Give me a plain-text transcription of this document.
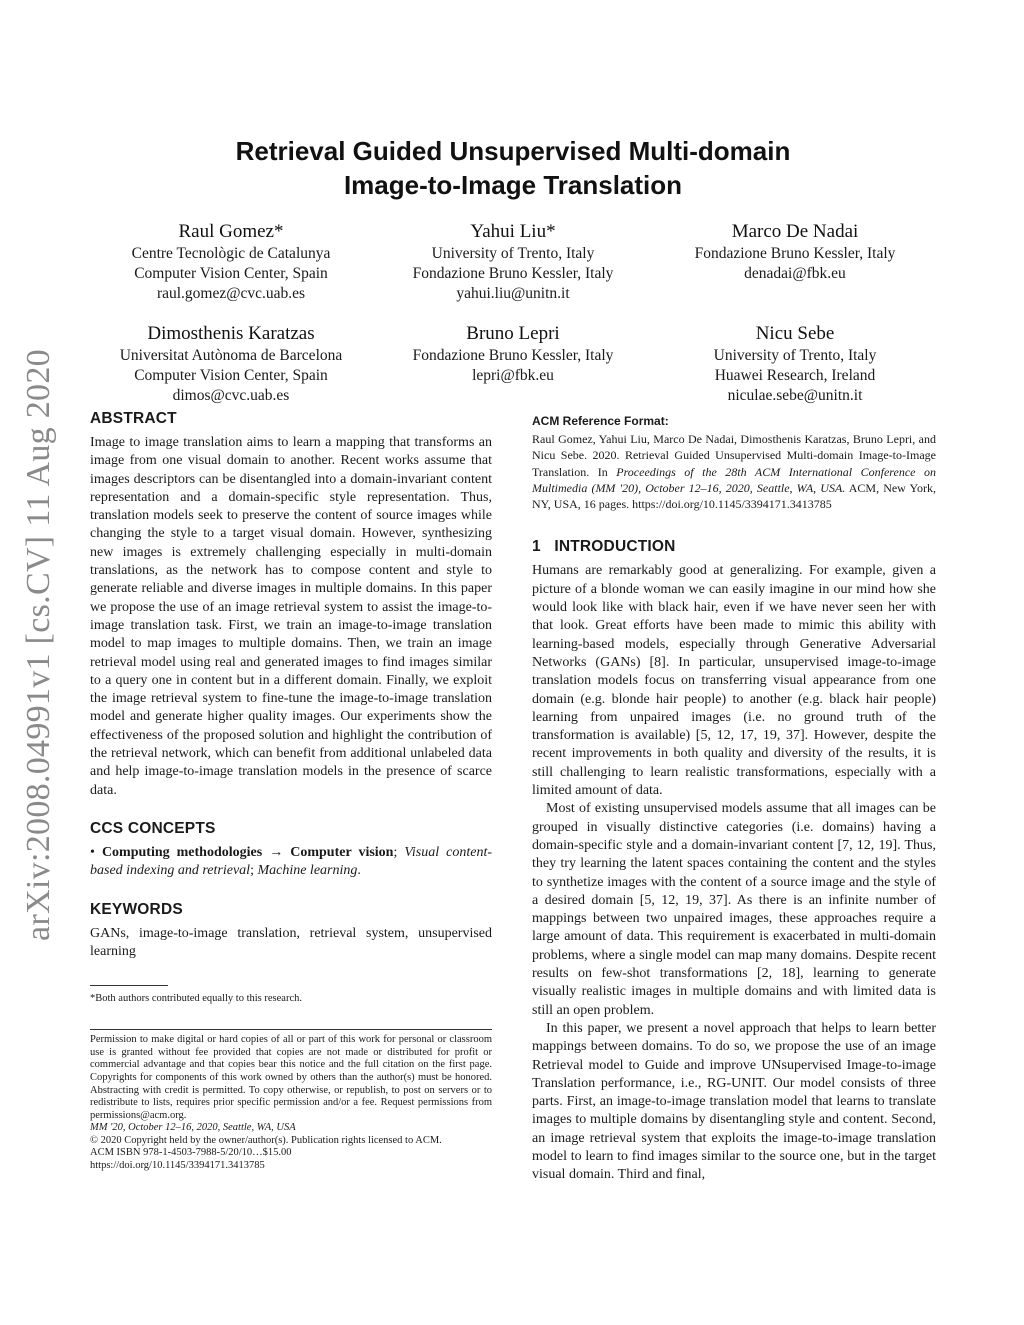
arXiv:2008.04991v1 [cs.CV] 11 Aug 2020
Retrieval Guided Unsupervised Multi-domain
Image-to-Image Translation
Raul Gomez*
Centre Tecnològic de Catalunya
Computer Vision Center, Spain
raul.gomez@cvc.uab.es
Yahui Liu*
University of Trento, Italy
Fondazione Bruno Kessler, Italy
yahui.liu@unitn.it
Marco De Nadai
Fondazione Bruno Kessler, Italy
denadai@fbk.eu
Dimosthenis Karatzas
Universitat Autònoma de Barcelona
Computer Vision Center, Spain
dimos@cvc.uab.es
Bruno Lepri
Fondazione Bruno Kessler, Italy
lepri@fbk.eu
Nicu Sebe
University of Trento, Italy
Huawei Research, Ireland
niculae.sebe@unitn.it
ABSTRACT

Image to image translation aims to learn a mapping that transforms an image from one visual domain to another. Recent works assume that images descriptors can be disentangled into a domain-invariant content representation and a domain-specific style representation. Thus, translation models seek to preserve the content of source images while changing the style to a target visual domain. However, synthesizing new images is extremely challenging especially in multi-domain translations, as the network has to compose content and style to generate reliable and diverse images in multiple domains. In this paper we propose the use of an image retrieval system to assist the image-to-image translation task. First, we train an image-to-image translation model to map images to multiple domains. Then, we train an image retrieval model using real and generated images to find images similar to a query one in content but in a different domain. Finally, we exploit the image retrieval system to fine-tune the image-to-image translation model and generate higher quality images. Our experiments show the effectiveness of the proposed solution and highlight the contribution of the retrieval network, which can benefit from additional unlabeled data and help image-to-image translation models in the presence of scarce data.

CCS CONCEPTS

• Computing methodologies → Computer vision; Visual content-based indexing and retrieval; Machine learning.

KEYWORDS

GANs, image-to-image translation, retrieval system, unsupervised learning

*Both authors contributed equally to this research.
Permission to make digital or hard copies of all or part of this work for personal or classroom use is granted without fee provided that copies are not made or distributed for profit or commercial advantage and that copies bear this notice and the full citation on the first page. Copyrights for components of this work owned by others than the author(s) must be honored. Abstracting with credit is permitted. To copy otherwise, or republish, to post on servers or to redistribute to lists, requires prior specific permission and/or a fee. Request permissions from permissions@acm.org.
MM '20, October 12–16, 2020, Seattle, WA, USA
© 2020 Copyright held by the owner/author(s). Publication rights licensed to ACM.
ACM ISBN 978-1-4503-7988-5/20/10…$15.00
https://doi.org/10.1145/3394171.3413785
ACM Reference Format:

Raul Gomez, Yahui Liu, Marco De Nadai, Dimosthenis Karatzas, Bruno Lepri, and Nicu Sebe. 2020. Retrieval Guided Unsupervised Multi-domain Image-to-Image Translation. In Proceedings of the 28th ACM International Conference on Multimedia (MM '20), October 12–16, 2020, Seattle, WA, USA. ACM, New York, NY, USA, 16 pages. https://doi.org/10.1145/3394171.3413785

1   INTRODUCTION

Humans are remarkably good at generalizing. For example, given a picture of a blonde woman we can easily imagine in our mind how she would look like with black hair, even if we have never seen her with that look. Great efforts have been made to mimic this ability with learning-based models, especially through Generative Adversarial Networks (GANs) [8]. In particular, unsupervised image-to-image translation models focus on transferring visual appearance from one domain (e.g. blonde hair people) to another (e.g. black hair people) learning from unpaired images (i.e. no ground truth of the transformation is available) [5, 12, 17, 19, 37]. However, despite the recent improvements in both quality and diversity of the results, it is still challenging to learn realistic transformations, especially with a limited amount of data.

Most of existing unsupervised models assume that all images can be grouped in visually distinctive categories (i.e. domains) having a domain-specific style and a domain-invariant content [7, 12, 19]. Thus, they try learning the latent spaces containing the content and the styles to synthetize images with the content of a source image and the style of a desired domain [5, 12, 19, 37]. As there is an infinite number of mappings between two unpaired images, these approaches require a large amount of data. This requirement is exacerbated in multi-domain problems, where a single model can map many domains. Despite recent results on few-shot transformations [2, 18], learning to generate visually realistic images in multiple domains and with limited data is still an open problem.

In this paper, we present a novel approach that helps to learn better mappings between domains. To do so, we propose the use of an image Retrieval model to Guide and improve UNsupervised Image-to-image Translation performance, i.e., RG-UNIT. Our model consists of three parts. First, an image-to-image translation model that learns to translate images to multiple domains by disentangling style and content. Second, an image retrieval system that exploits the image-to-image translation model to learn to find images similar to the source one, but in the target visual domain. Third and final,
